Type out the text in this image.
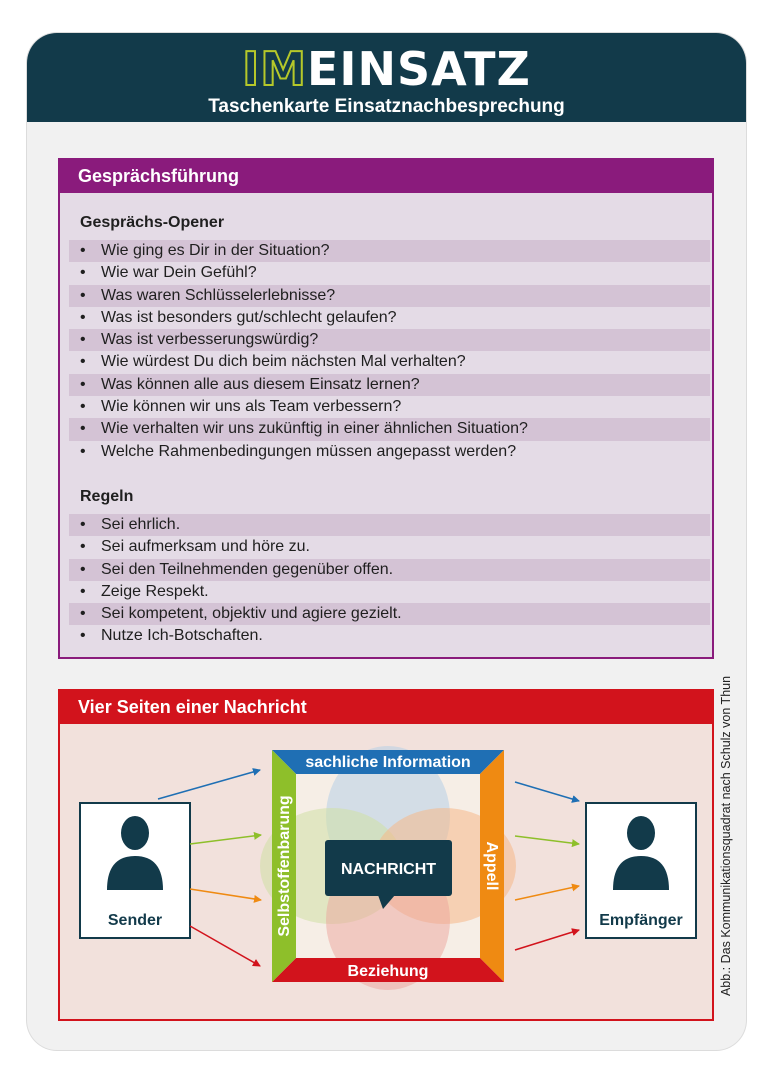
IMEINSATZ
Taschenkarte Einsatznachbesprechung
Gesprächsführung
Gesprächs-Opener
• Wie ging es Dir in der Situation?
• Wie war Dein Gefühl?
• Was waren Schlüsselerlebnisse?
• Was ist besonders gut/schlecht gelaufen?
• Was ist verbesserungswürdig?
• Wie würdest Du dich beim nächsten Mal verhalten?
• Was können alle aus diesem Einsatz lernen?
• Wie können wir uns als Team verbessern?
• Wie verhalten wir uns zukünftig in einer ähnlichen Situation?
• Welche Rahmenbedingungen müssen angepasst werden?
Regeln
• Sei ehrlich.
• Sei aufmerksam und höre zu.
• Sei den Teilnehmenden gegenüber offen.
• Zeige Respekt.
• Sei kompetent, objektiv und agiere gezielt.
• Nutze Ich-Botschaften.
Vier Seiten einer Nachricht
Sender	Empfänger
sachliche Information
Beziehung
Selbstoffenbarung	Appell
NACHRICHT	Abb.: Das Kommunikationsquadrat nach Schulz von Thun
